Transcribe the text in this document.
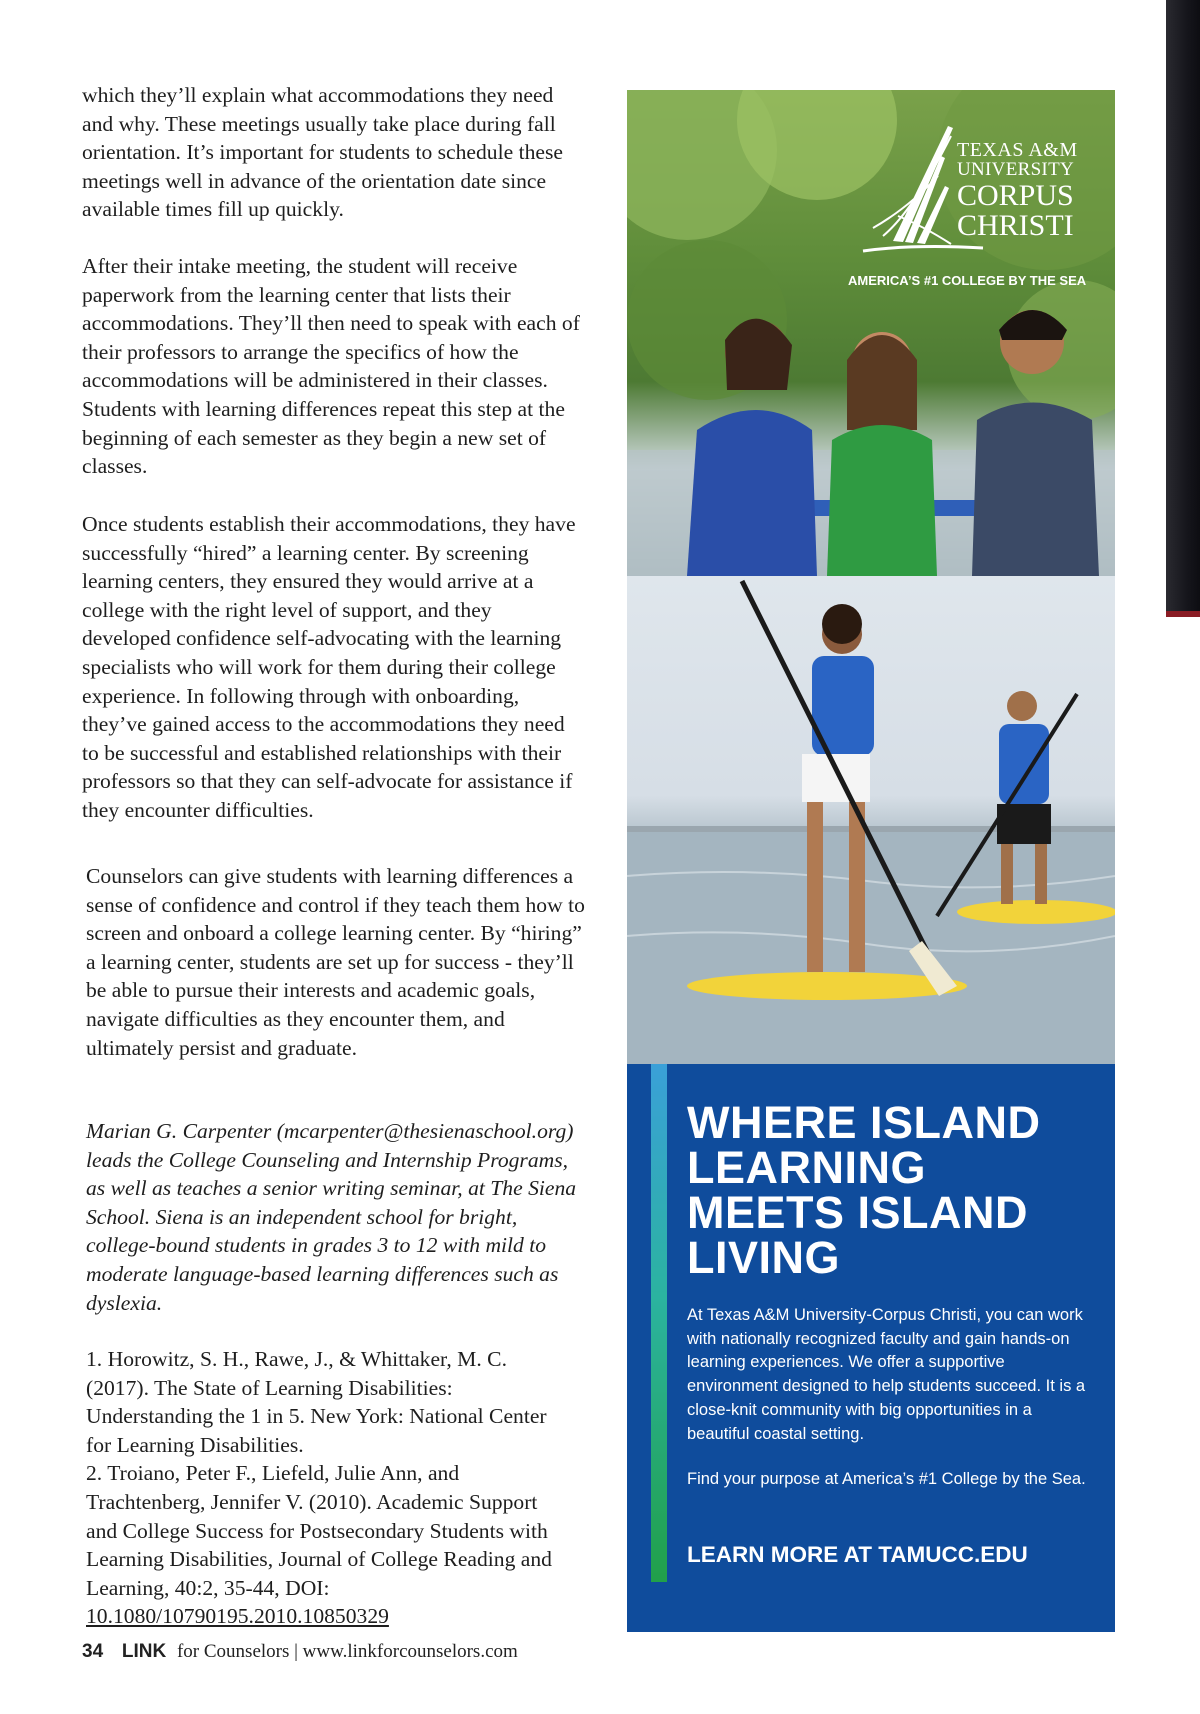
which they’ll explain what accommodations they need and why. These meetings usually take place during fall orientation. It’s important for students to schedule these meetings well in advance of the orientation date since available times fill up quickly.

After their intake meeting, the student will receive paperwork from the learning center that lists their accommodations. They’ll then need to speak with each of their professors to arrange the specifics of how the accommodations will be administered in their classes. Students with learning differences repeat this step at the beginning of each semester as they begin a new set of classes.

Once students establish their accommodations, they have successfully “hired” a learning center. By screening learning centers, they ensured they would arrive at a college with the right level of support, and they developed confidence self-advocating with the learning specialists who will work for them during their college experience. In following through with onboarding, they’ve gained access to the accommodations they need to be successful and established relationships with their professors so that they can self-advocate for assistance if they encounter difficulties.

Counselors can give students with learning differences a sense of confidence and control if they teach them how to screen and onboard a college learning center. By “hiring” a learning center, students are set up for success - they’ll be able to pursue their interests and academic goals, navigate difficulties as they encounter them, and ultimately persist and graduate.

Marian G. Carpenter (mcarpenter@thesienaschool.org) leads the College Counseling and Internship Programs, as well as teaches a senior writing seminar, at The Siena School. Siena is an independent school for bright, college-bound students in grades 3 to 12 with mild to moderate language-based learning differences such as dyslexia.

1. Horowitz, S. H., Rawe, J., & Whittaker, M. C. (2017). The State of Learning Disabilities: Understanding the 1 in 5. New York: National Center for Learning Disabilities.

2. Troiano, Peter F., Liefeld, Julie Ann, and Trachtenberg, Jennifer V. (2010). Academic Support and College Success for Postsecondary Students with Learning Disabilities, Journal of College Reading and Learning, 40:2, 35-44, DOI:
10.1080/10790195.2010.10850329

34 LINK for Counselors | www.linkforcounselors.com
TEXAS A&M
UNIVERSITY
CORPUS
CHRISTI
AMERICA’S #1 COLLEGE BY THE SEA
WHERE ISLAND
LEARNING
MEETS ISLAND
LIVING
At Texas A&M University-Corpus Christi, you can work with nationally recognized faculty and gain hands-on learning experiences. We offer a supportive environment designed to help students succeed. It is a close-knit community with big opportunities in a beautiful coastal setting.
Find your purpose at America’s #1 College by the Sea.
LEARN MORE AT TAMUCC.EDU
